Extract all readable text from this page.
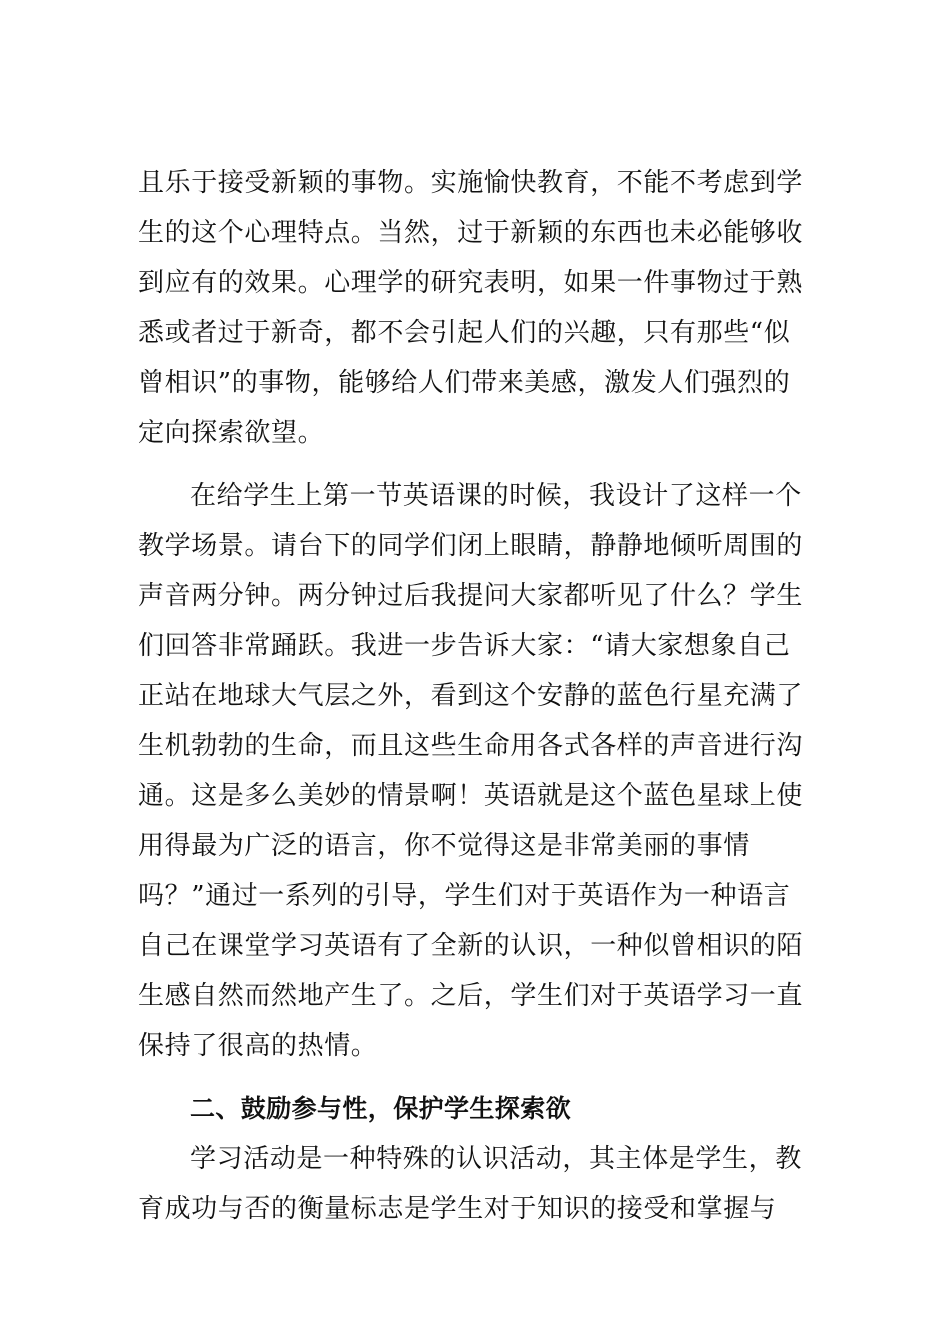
且乐于接受新颖的事物。实施愉快教育，不能不考虑到学
生的这个心理特点。当然，过于新颖的东西也未必能够收
到应有的效果。心理学的研究表明，如果一件事物过于熟
悉或者过于新奇，都不会引起人们的兴趣，只有那些“似
曾相识”的事物，能够给人们带来美感，激发人们强烈的
定向探索欲望。
在给学生上第一节英语课的时候，我设计了这样一个
教学场景。请台下的同学们闭上眼睛，静静地倾听周围的
声音两分钟。两分钟过后我提问大家都听见了什么？学生
们回答非常踊跃。我进一步告诉大家：“请大家想象自己
正站在地球大气层之外，看到这个安静的蓝色行星充满了
生机勃勃的生命，而且这些生命用各式各样的声音进行沟
通。这是多么美妙的情景啊！英语就是这个蓝色星球上使
用得最为广泛的语言，你不觉得这是非常美丽的事情
吗？”通过一系列的引导，学生们对于英语作为一种语言
自己在课堂学习英语有了全新的认识，一种似曾相识的陌
生感自然而然地产生了。之后，学生们对于英语学习一直
保持了很高的热情。
二、鼓励参与性，保护学生探索欲
学习活动是一种特殊的认识活动，其主体是学生，教
育成功与否的衡量标志是学生对于知识的接受和掌握与
